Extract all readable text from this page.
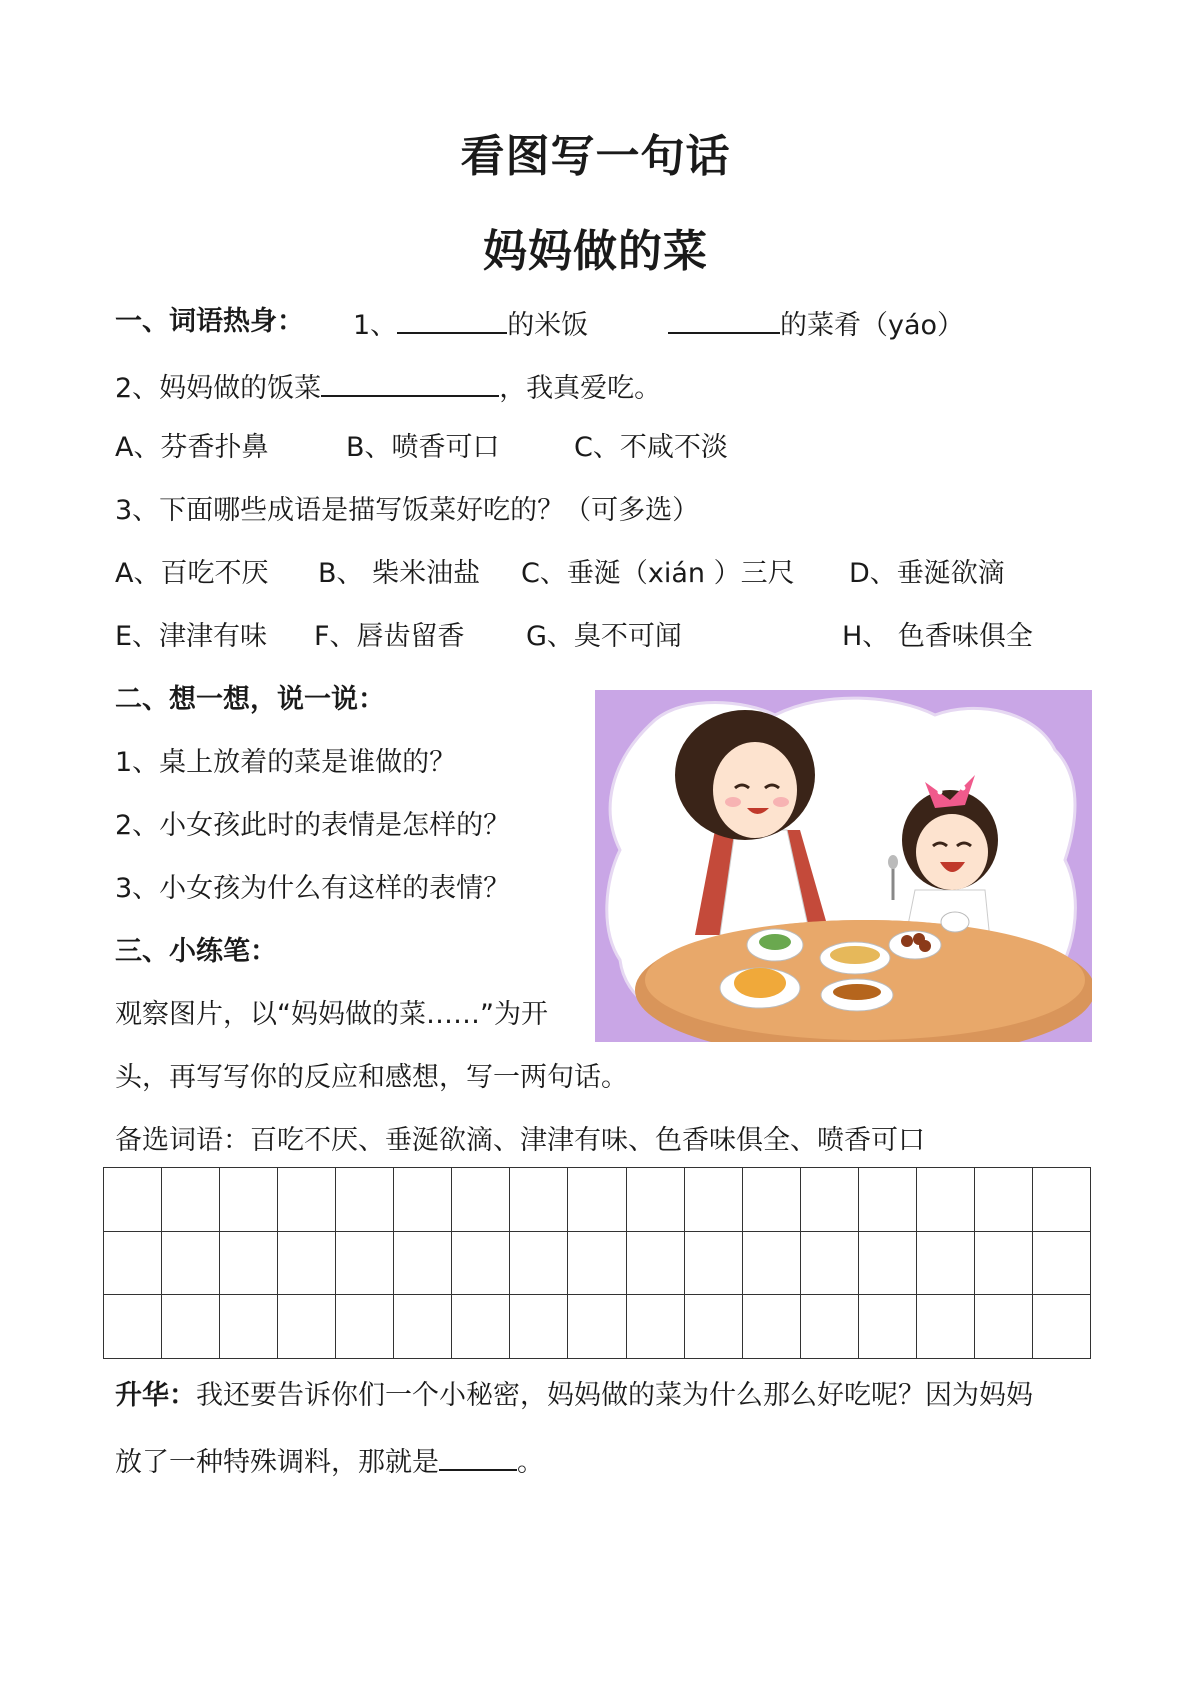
看图写一句话
妈妈做的菜
一、词语热身： 1、	的米饭	的菜肴（yáo）
2、妈妈做的饭菜	，我真爱吃。
A、芬香扑鼻	B、喷香可口	C、不咸不淡
3、下面哪些成语是描写饭菜好吃的？（可多选）
A、百吃不厌 B、 柴米油盐 C、垂涎（xián ）三尺 D、垂涎欲滴
E、津津有味 F、唇齿留香 G、臭不可闻	H、 色香味俱全
二、想一想，说一说：
1、桌上放着的菜是谁做的？
2、小女孩此时的表情是怎样的？
3、小女孩为什么有这样的表情？
三、小练笔：
观察图片，以“妈妈做的菜……”为开
头，再写写你的反应和感想，写一两句话。
备选词语：百吃不厌、垂涎欲滴、津津有味、色香味俱全、喷香可口
升华：我还要告诉你们一个小秘密，妈妈做的菜为什么那么好吃呢？因为妈妈
放了一种特殊调料，那就是	。
